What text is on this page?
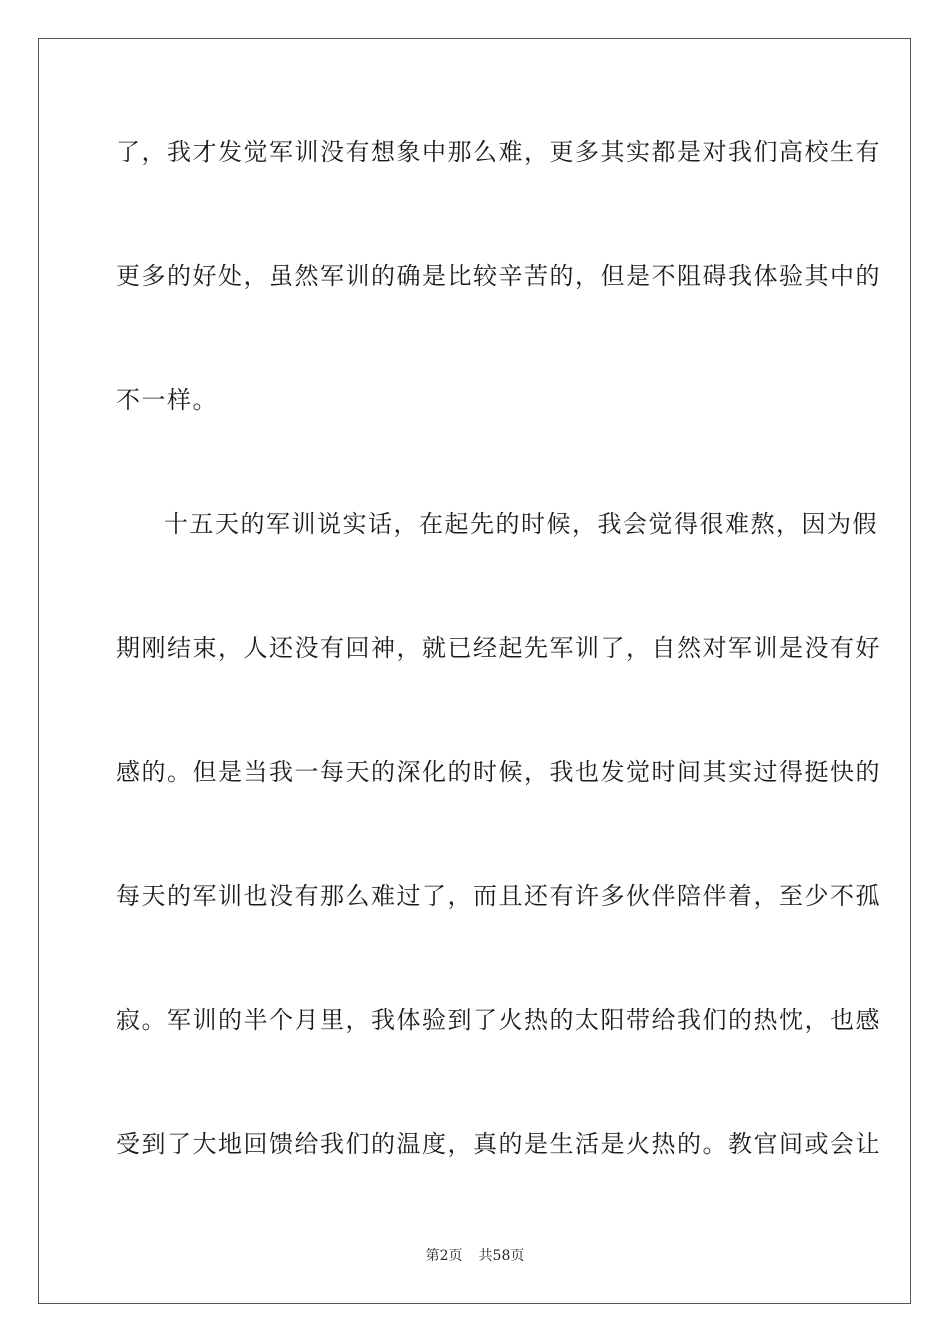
了，我才发觉军训没有想象中那么难，更多其实都是对我们高校生有
更多的好处，虽然军训的确是比较辛苦的，但是不阻碍我体验其中的
不一样。
十五天的军训说实话，在起先的时候，我会觉得很难熬，因为假
期刚结束，人还没有回神，就已经起先军训了，自然对军训是没有好
感的。但是当我一每天的深化的时候，我也发觉时间其实过得挺快的
每天的军训也没有那么难过了，而且还有许多伙伴陪伴着，至少不孤
寂。军训的半个月里，我体验到了火热的太阳带给我们的热忱，也感
受到了大地回馈给我们的温度，真的是生活是火热的。教官间或会让
第2页 共58页
